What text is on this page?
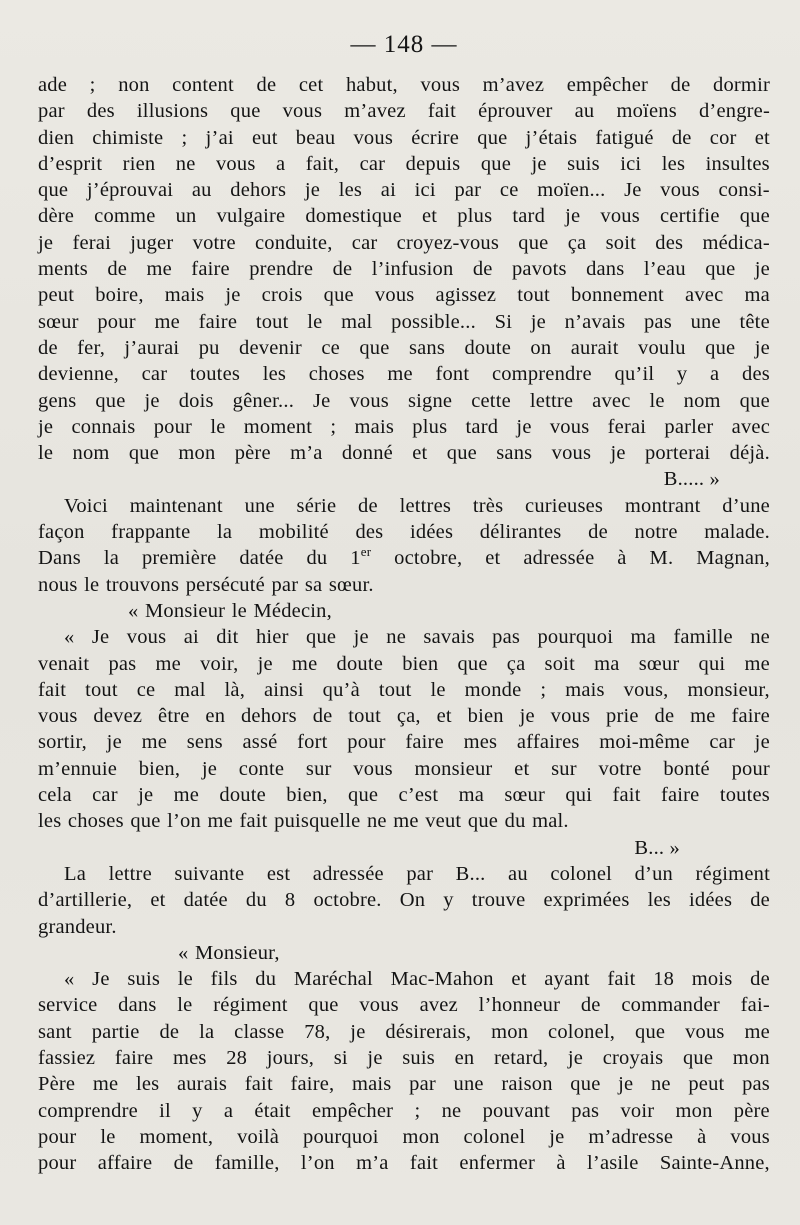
— 148 —
ade ; non content de cet habut, vous m’avez empêcher de dormir
par des illusions que vous m’avez fait éprouver au moïens d’engre-
dien chimiste ; j’ai eut beau vous écrire que j’étais fatigué de cor et
d’esprit rien ne vous a fait, car depuis que je suis ici les insultes
que j’éprouvai au dehors je les ai ici par ce moïen... Je vous consi-
dère comme un vulgaire domestique et plus tard je vous certifie que
je ferai juger votre conduite, car croyez-vous que ça soit des médica-
ments de me faire prendre de l’infusion de pavots dans l’eau que je
peut boire, mais je crois que vous agissez tout bonnement avec ma
sœur pour me faire tout le mal possible... Si je n’avais pas une tête
de fer, j’aurai pu devenir ce que sans doute on aurait voulu que je
devienne, car toutes les choses me font comprendre qu’il y a des
gens que je dois gêner... Je vous signe cette lettre avec le nom que
je connais pour le moment ; mais plus tard je vous ferai parler avec
le nom que mon père m’a donné et que sans vous je porterai déjà.
B..... »
Voici maintenant une série de lettres très curieuses montrant d’une
façon frappante la mobilité des idées délirantes de notre malade.
Dans la première datée du 1er octobre, et adressée à M. Magnan,
nous le trouvons persécuté par sa sœur.
« Monsieur le Médecin,
« Je vous ai dit hier que je ne savais pas pourquoi ma famille ne
venait pas me voir, je me doute bien que ça soit ma sœur qui me
fait tout ce mal là, ainsi qu’à tout le monde ; mais vous, monsieur,
vous devez être en dehors de tout ça, et bien je vous prie de me faire
sortir, je me sens assé fort pour faire mes affaires moi-même car je
m’ennuie bien, je conte sur vous monsieur et sur votre bonté pour
cela car je me doute bien, que c’est ma sœur qui fait faire toutes
les choses que l’on me fait puisquelle ne me veut que du mal.
B... »
La lettre suivante est adressée par B... au colonel d’un régiment
d’artillerie, et datée du 8 octobre. On y trouve exprimées les idées de
grandeur.
« Monsieur,
« Je suis le fils du Maréchal Mac-Mahon et ayant fait 18 mois de
service dans le régiment que vous avez l’honneur de commander fai-
sant partie de la classe 78, je désirerais, mon colonel, que vous me
fassiez faire mes 28 jours, si je suis en retard, je croyais que mon
Père me les aurais fait faire, mais par une raison que je ne peut pas
comprendre il y a était empêcher ; ne pouvant pas voir mon père
pour le moment, voilà pourquoi mon colonel je m’adresse à vous
pour affaire de famille, l’on m’a fait enfermer à l’asile Sainte-Anne,
